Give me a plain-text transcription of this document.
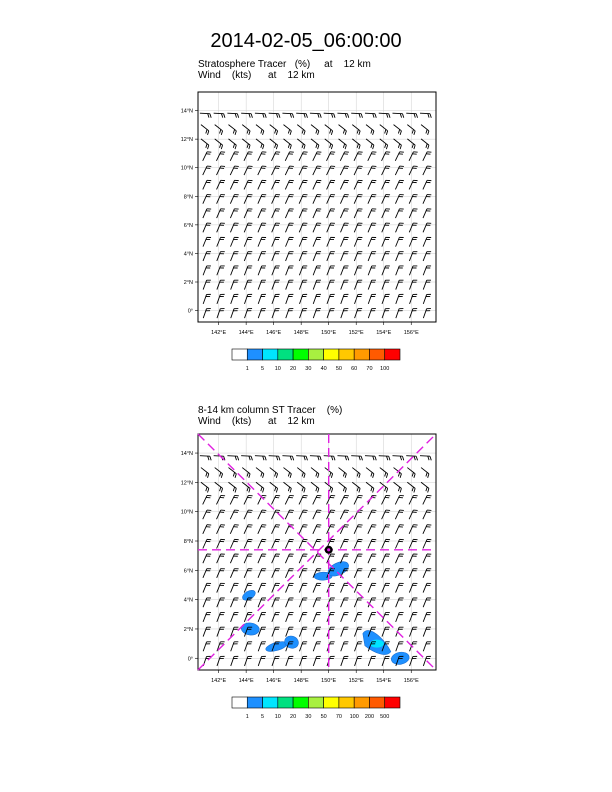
2014-02-05_06:00:00
Stratosphere Tracer   (%)     at    12 km
Wind    (kts)      at    12 km
8-14 km column ST Tracer    (%)
Wind    (kts)      at    12 km
142°E 144°E 146°E 148°E 150°E 152°E 154°E 156°E
0°
2°N
4°N
6°N
8°N
10°N
12°N
14°N
1 5 10 20 30 40 50 60 70 100
142°E 144°E 146°E 148°E 150°E 152°E 154°E 156°E
0°
2°N
4°N
6°N
8°N
10°N
12°N
14°N
1 5 10 20 30 50 70 100 200 500
